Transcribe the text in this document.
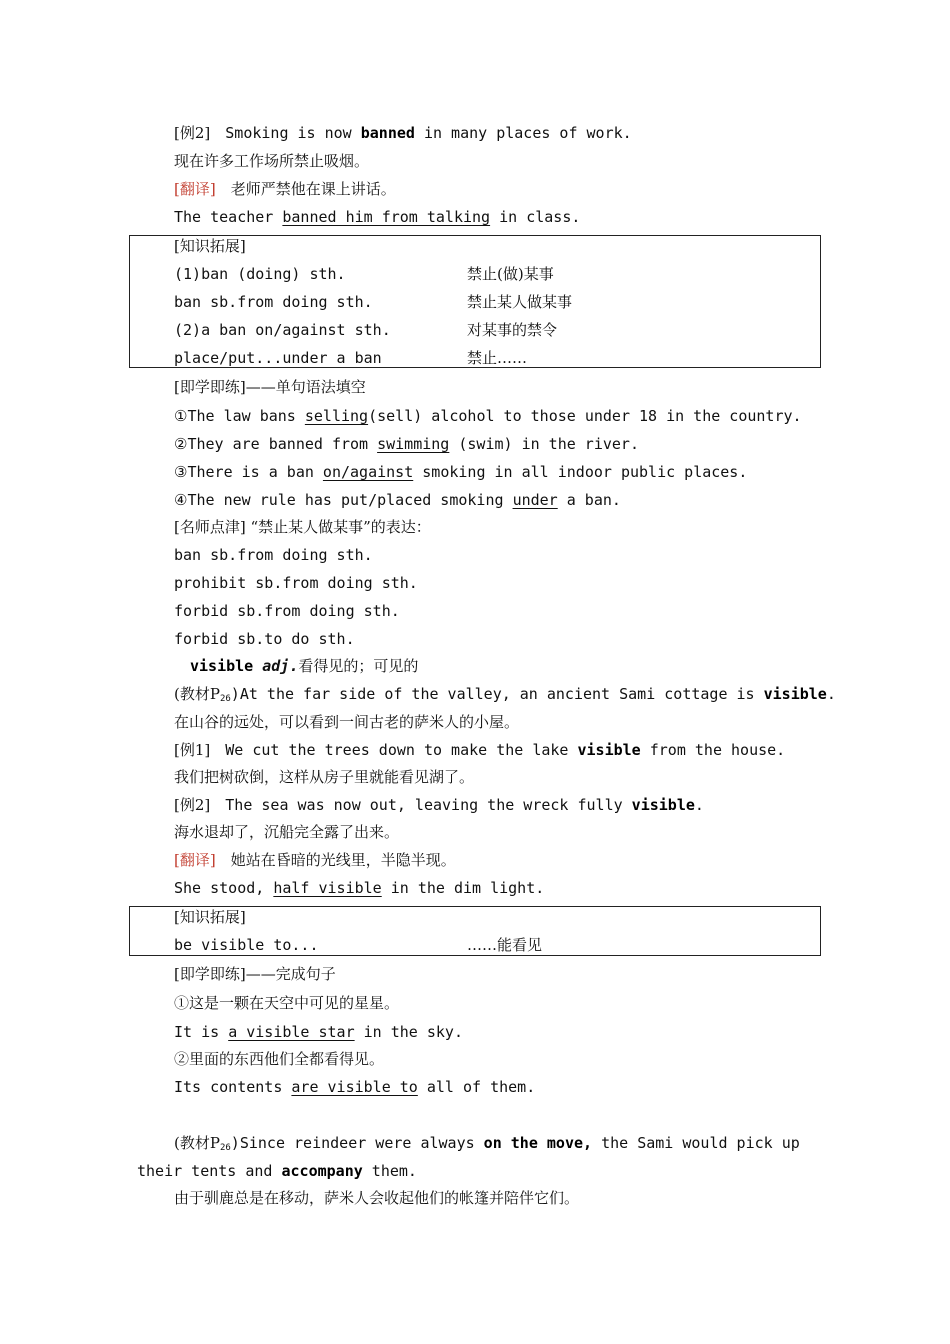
[例2] Smoking is now banned in many places of work.
现在许多工作场所禁止吸烟。
[翻译] 老师严禁他在课上讲话。
The teacher banned him from talking in class.
[知识拓展]
(1)ban (doing) sth.	禁止(做)某事
ban sb.from doing sth.	禁止某人做某事
(2)a ban on/against sth.	对某事的禁令
place/put...under a ban	禁止……
[即学即练]——单句语法填空
①The law bans selling(sell) alcohol to those under 18 in the country.
②They are banned from swimming (swim) in the river.
③There is a ban on/against smoking in all indoor public places.
④The new rule has put/placed smoking under a ban.
[名师点津] “禁止某人做某事”的表达：
ban sb.from doing sth.
prohibit sb.from doing sth.
forbid sb.from doing sth.
forbid sb.to do sth.
visible adj.看得见的；可见的
(教材$P_{26})At$ the far side of the valley, an ancient Sami cottage is visible.
在山谷的远处，可以看到一间古老的萨米人的小屋。
[例1] We cut the trees down to make the lake visible from the house.
我们把树砍倒，这样从房子里就能看见湖了。
[例2] The sea was now out, leaving the wreck fully visible.
海水退却了，沉船完全露了出来。
[翻译] 她站在昏暗的光线里，半隐半现。
She stood, half visible in the dim light.
[知识拓展]
be visible to...	……能看见
[即学即练]——完成句子
①这是一颗在天空中可见的星星。
It is a visible star in the sky.
②里面的东西他们全都看得见。
Its contents are visible to all of them.
(教材$P_{26})Since$ reindeer were always on the move, the Sami would pick up
their tents and accompany them.
由于驯鹿总是在移动，萨米人会收起他们的帐篷并陪伴它们。
